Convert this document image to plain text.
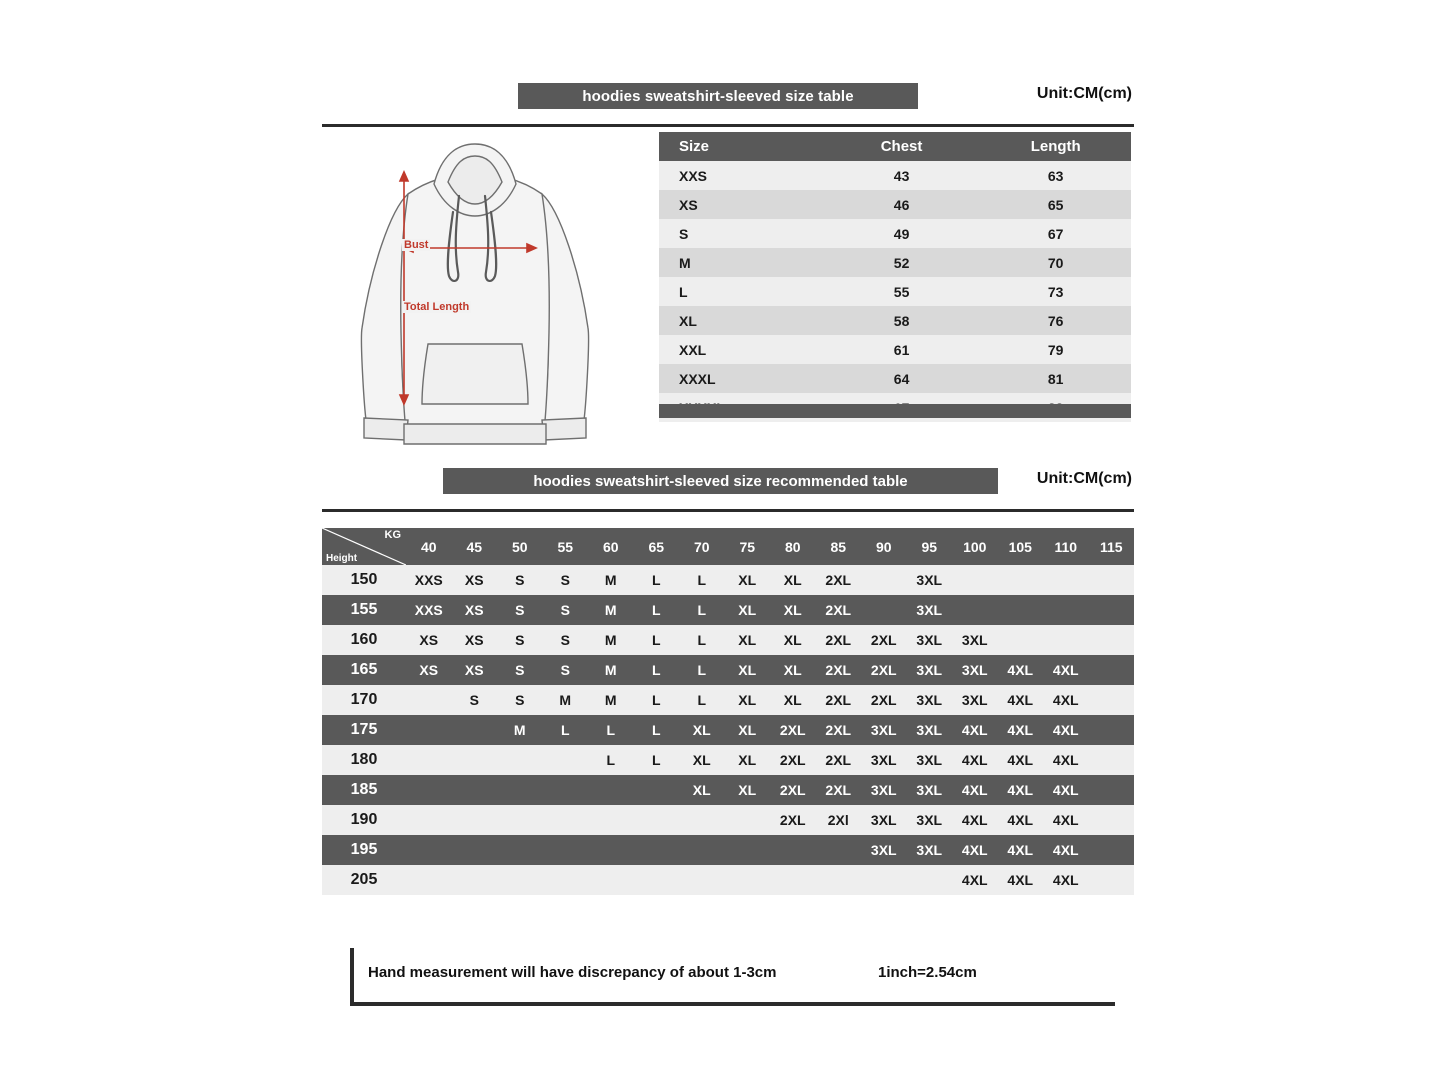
hoodies sweatshirt-sleeved size table	Unit:CM(cm)
Bust
Total Length
Size	Chest	Length
XXS	43	63
XS	46	65
S	49	67
M	52	70
L	55	73
XL	58	76
XXL	61	79
XXXL	64	81

hoodies sweatshirt-sleeved size recommended table	Unit:CM(cm)
KG
Height	40	45	50	55	60	65	70	75	80	85	90	95	100	105	110	115
150	XXS	XS	S	S	M	L	L	XL	XL	2XL		3XL				
155	XXS	XS	S	S	M	L	L	XL	XL	2XL		3XL				
160	XS	XS	S	S	M	L	L	XL	XL	2XL	2XL	3XL	3XL			
165	XS	XS	S	S	M	L	L	XL	XL	2XL	2XL	3XL	3XL	4XL	4XL	
170		S	S	M	M	L	L	XL	XL	2XL	2XL	3XL	3XL	4XL	4XL	
175			M	L	L	L	XL	XL	2XL	2XL	3XL	3XL	4XL	4XL	4XL	
180					L	L	XL	XL	2XL	2XL	3XL	3XL	4XL	4XL	4XL	
185							XL	XL	2XL	2XL	3XL	3XL	4XL	4XL	4XL	
190									2XL	2Xl	3XL	3XL	4XL	4XL	4XL	
195											3XL	3XL	4XL	4XL	4XL	
205													4XL	4XL	4XL	
Hand measurement will have discrepancy of about 1-3cm	1inch=2.54cm
